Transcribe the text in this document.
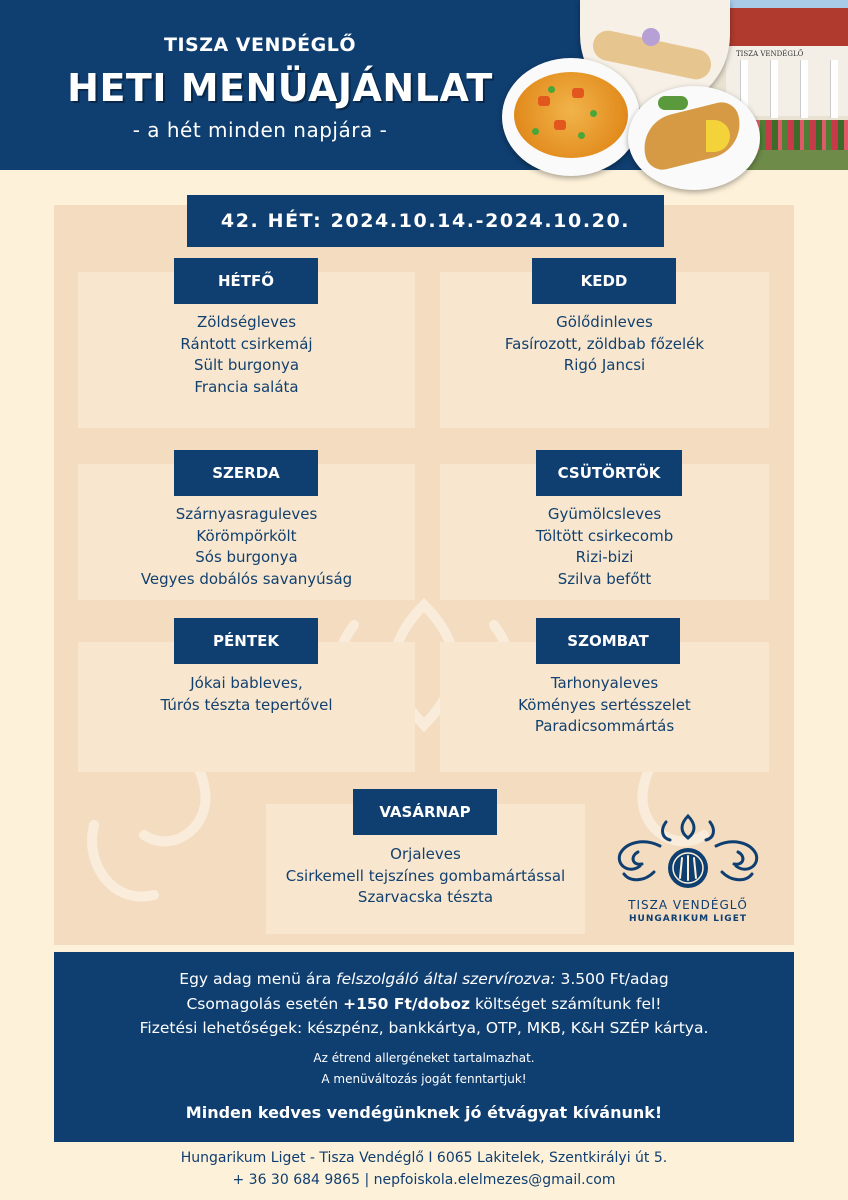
TISZA VENDÉGLŐ
HETI MENÜAJÁNLAT
- a hét minden napjára -
TISZA VENDÉGLŐ
42. HÉT: 2024.10.14.-2024.10.20.
HÉTFŐ
Zöldségleves
Rántott csirkemáj
Sült burgonya
Francia saláta
KEDD
Gölődinleves
Fasírozott, zöldbab főzelék
Rigó Jancsi
SZERDA
Szárnyasraguleves
Körömpörkölt
Sós burgonya
Vegyes dobálós savanyúság
CSÜTÖRTÖK
Gyümölcsleves
Töltött csirkecomb
Rizi-bizi
Szilva befőtt
PÉNTEK
Jókai bableves,
Túrós tészta tepertővel
SZOMBAT
Tarhonyaleves
Köményes sertésszelet
Paradicsommártás
VASÁRNAP
Orjaleves
Csirkemell tejszínes gombamártással
Szarvacska tészta	TISZA VENDÉGLŐ
HUNGARIKUM LIGET
Egy adag menü ára felszolgáló által szervírozva: 3.500 Ft/adag
Csomagolás esetén +150 Ft/doboz költséget számítunk fel!
Fizetési lehetőségek: készpénz, bankkártya, OTP, MKB, K&H SZÉP kártya.
Az étrend allergéneket tartalmazhat.
A menüváltozás jogát fenntartjuk!
Minden kedves vendégünknek jó étvágyat kívánunk!
Hungarikum Liget - Tisza Vendéglő I 6065 Lakitelek, Szentkirályi út 5.
+ 36 30 684 9865 | nepfoiskola.elelmezes@gmail.com
